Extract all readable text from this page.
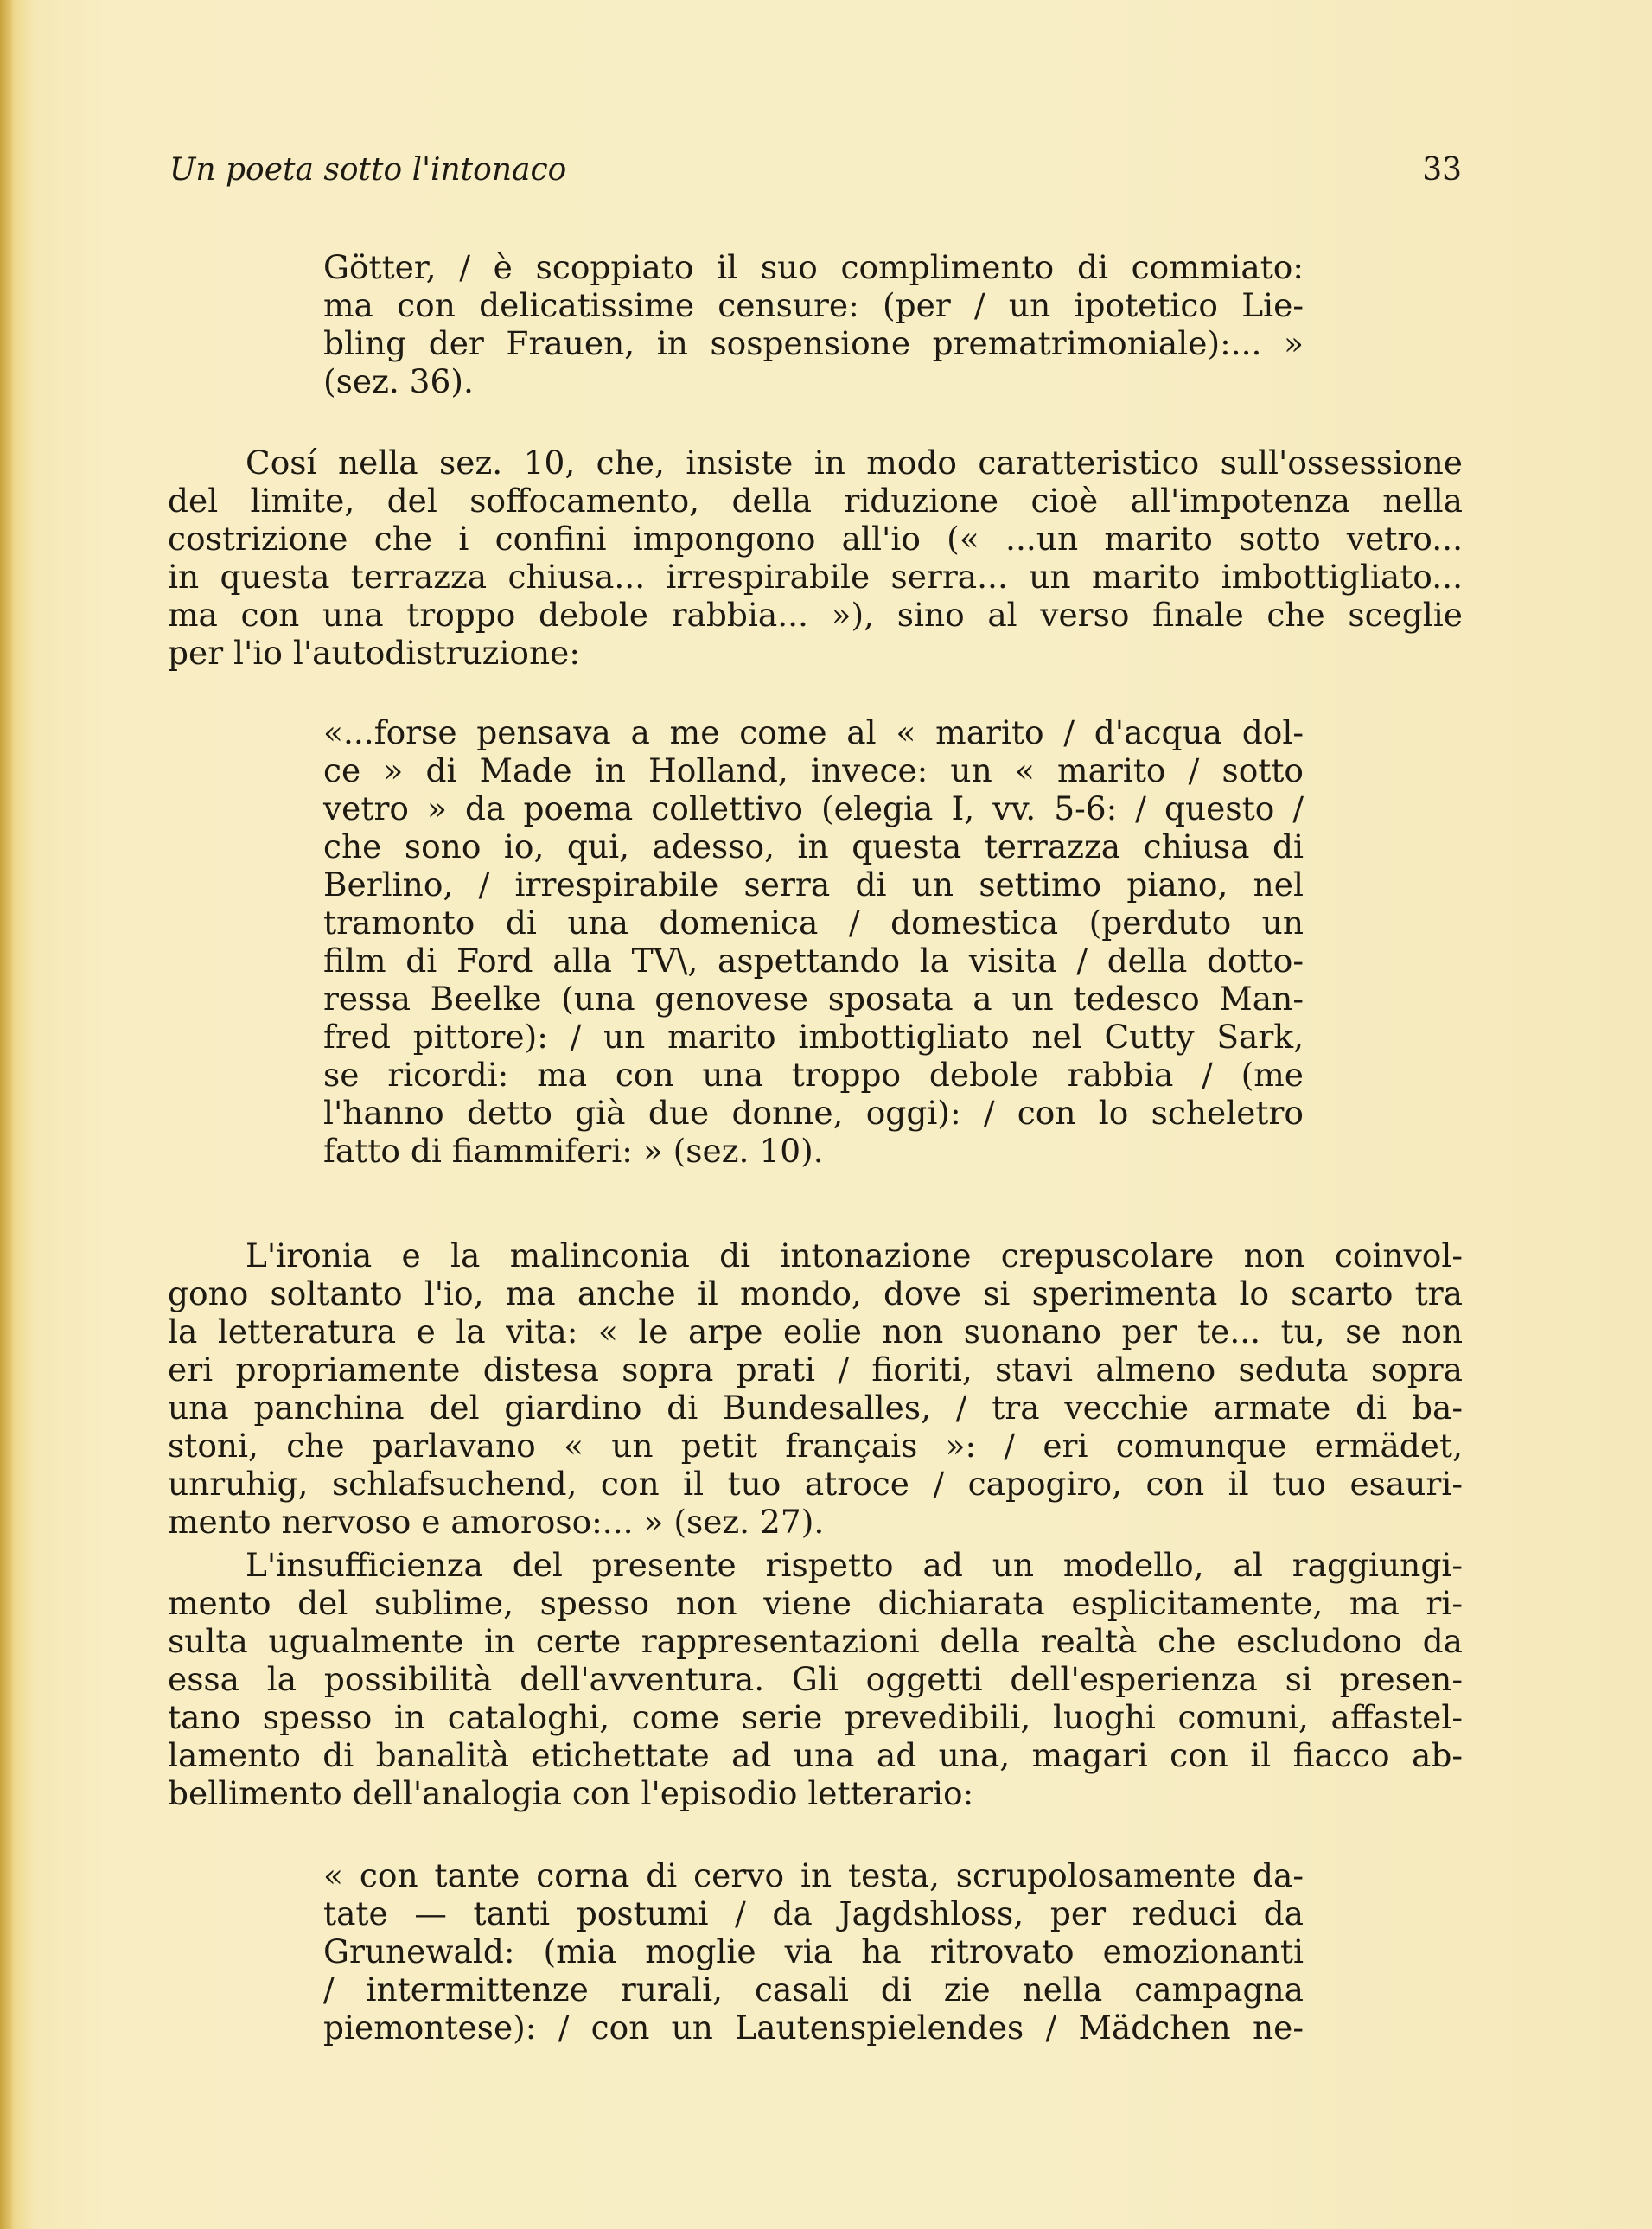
Un poeta sotto l'intonaco	33
Götter, / è scoppiato il suo complimento di commiato:
ma con delicatissime censure: (per / un ipotetico Lie-
bling der Frauen, in sospensione prematrimoniale):... »
(sez. 36).
Cosí nella sez. 10, che, insiste in modo caratteristico sull'ossessione
del limite, del soffocamento, della riduzione cioè all'impotenza nella
costrizione che i confini impongono all'io (« ...un marito sotto vetro...
in questa terrazza chiusa... irrespirabile serra... un marito imbottigliato...
ma con una troppo debole rabbia... »), sino al verso finale che sceglie
per l'io l'autodistruzione:
«...forse pensava a me come al « marito / d'acqua dol-
ce » di Made in Holland, invece: un « marito / sotto
vetro » da poema collettivo (elegia I, vv. 5-6: / questo /
che sono io, qui, adesso, in questa terrazza chiusa di
Berlino, / irrespirabile serra di un settimo piano, nel
tramonto di una domenica / domestica (perduto un
film di Ford alla TV\, aspettando la visita / della dotto-
ressa Beelke (una genovese sposata a un tedesco Man-
fred pittore): / un marito imbottigliato nel Cutty Sark,
se ricordi: ma con una troppo debole rabbia / (me
l'hanno detto già due donne, oggi): / con lo scheletro
fatto di fiammiferi: » (sez. 10).
L'ironia e la malinconia di intonazione crepuscolare non coinvol-
gono soltanto l'io, ma anche il mondo, dove si sperimenta lo scarto tra
la letteratura e la vita: « le arpe eolie non suonano per te... tu, se non
eri propriamente distesa sopra prati / fioriti, stavi almeno seduta sopra
una panchina del giardino di Bundesalles, / tra vecchie armate di ba-
stoni, che parlavano « un petit français »: / eri comunque ermädet,
unruhig, schlafsuchend, con il tuo atroce / capogiro, con il tuo esauri-
mento nervoso e amoroso:... » (sez. 27).
L'insufficienza del presente rispetto ad un modello, al raggiungi-
mento del sublime, spesso non viene dichiarata esplicitamente, ma ri-
sulta ugualmente in certe rappresentazioni della realtà che escludono da
essa la possibilità dell'avventura. Gli oggetti dell'esperienza si presen-
tano spesso in cataloghi, come serie prevedibili, luoghi comuni, affastel-
lamento di banalità etichettate ad una ad una, magari con il fiacco ab-
bellimento dell'analogia con l'episodio letterario:
« con tante corna di cervo in testa, scrupolosamente da-
tate — tanti postumi / da Jagdshloss, per reduci da
Grunewald: (mia moglie via ha ritrovato emozionanti
/ intermittenze rurali, casali di zie nella campagna
piemontese): / con un Lautenspielendes / Mädchen ne-
